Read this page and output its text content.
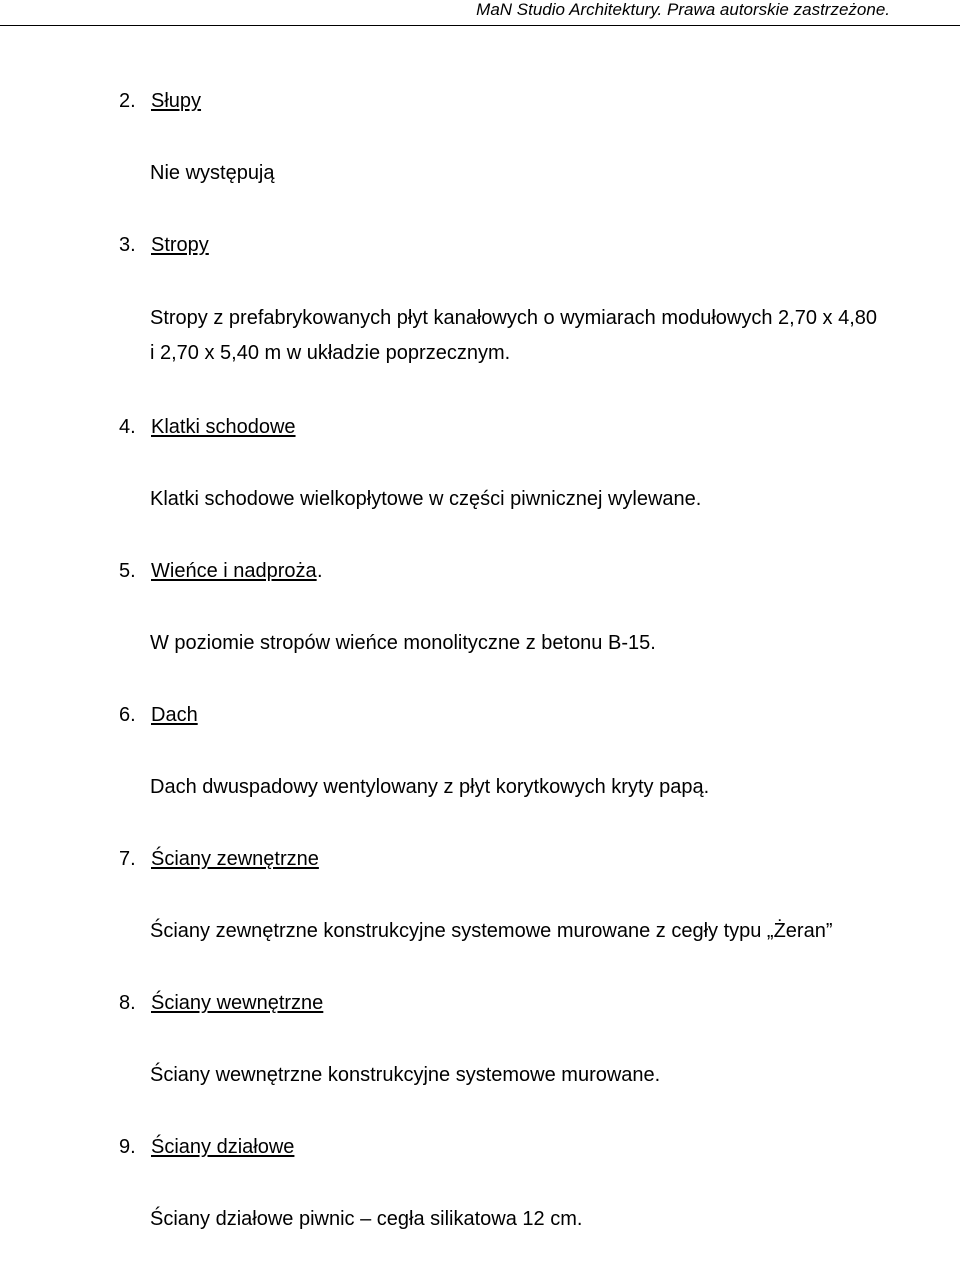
MaN Studio Architektury. Prawa autorskie zastrzeżone.
2. Słupy
Nie występują
3. Stropy
Stropy z prefabrykowanych płyt kanałowych o wymiarach modułowych 2,70 x 4,80 i 2,70 x 5,40 m w układzie poprzecznym.
4. Klatki schodowe
Klatki schodowe wielkopłytowe w części piwnicznej wylewane.
5. Wieńce i nadproża .
W poziomie stropów wieńce monolityczne z betonu B-15.
6. Dach
Dach dwuspadowy wentylowany z płyt korytkowych kryty papą.
7. Ściany zewnętrzne
Ściany zewnętrzne konstrukcyjne systemowe murowane z cegły typu „Żeran”
8. Ściany wewnętrzne
Ściany wewnętrzne konstrukcyjne systemowe murowane.
9. Ściany działowe
Ściany działowe piwnic – cegła silikatowa 12 cm.
